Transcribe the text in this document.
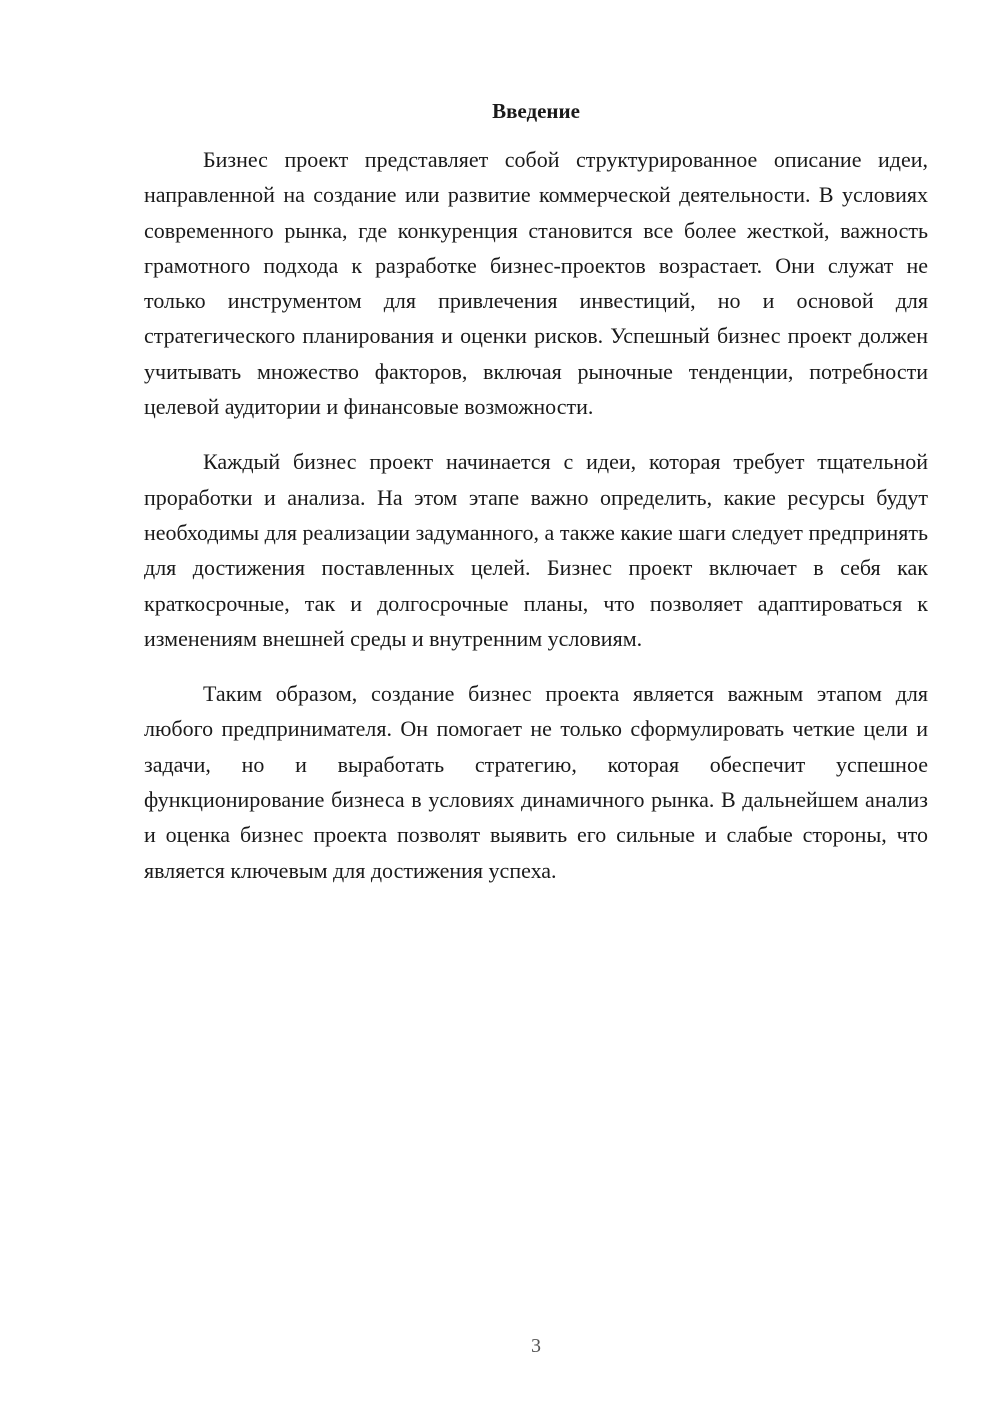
Введение

Бизнес проект представляет собой структурированное описание идеи, направленной на создание или развитие коммерческой деятельности. В условиях современного рынка, где конкуренция становится все более жесткой, важность грамотного подхода к разработке бизнес-проектов возрастает. Они служат не только инструментом для привлечения инвестиций, но и основой для стратегического планирования и оценки рисков. Успешный бизнес проект должен учитывать множество факторов, включая рыночные тенденции, потребности целевой аудитории и финансовые возможности.

Каждый бизнес проект начинается с идеи, которая требует тщательной проработки и анализа. На этом этапе важно определить, какие ресурсы будут необходимы для реализации задуманного, а также какие шаги следует предпринять для достижения поставленных целей. Бизнес проект включает в себя как краткосрочные, так и долгосрочные планы, что позволяет адаптироваться к изменениям внешней среды и внутренним условиям.

Таким образом, создание бизнес проекта является важным этапом для любого предпринимателя. Он помогает не только сформулировать четкие цели и задачи, но и выработать стратегию, которая обеспечит успешное функционирование бизнеса в условиях динамичного рынка. В дальнейшем анализ и оценка бизнес проекта позволят выявить его сильные и слабые стороны, что является ключевым для достижения успеха.

3
